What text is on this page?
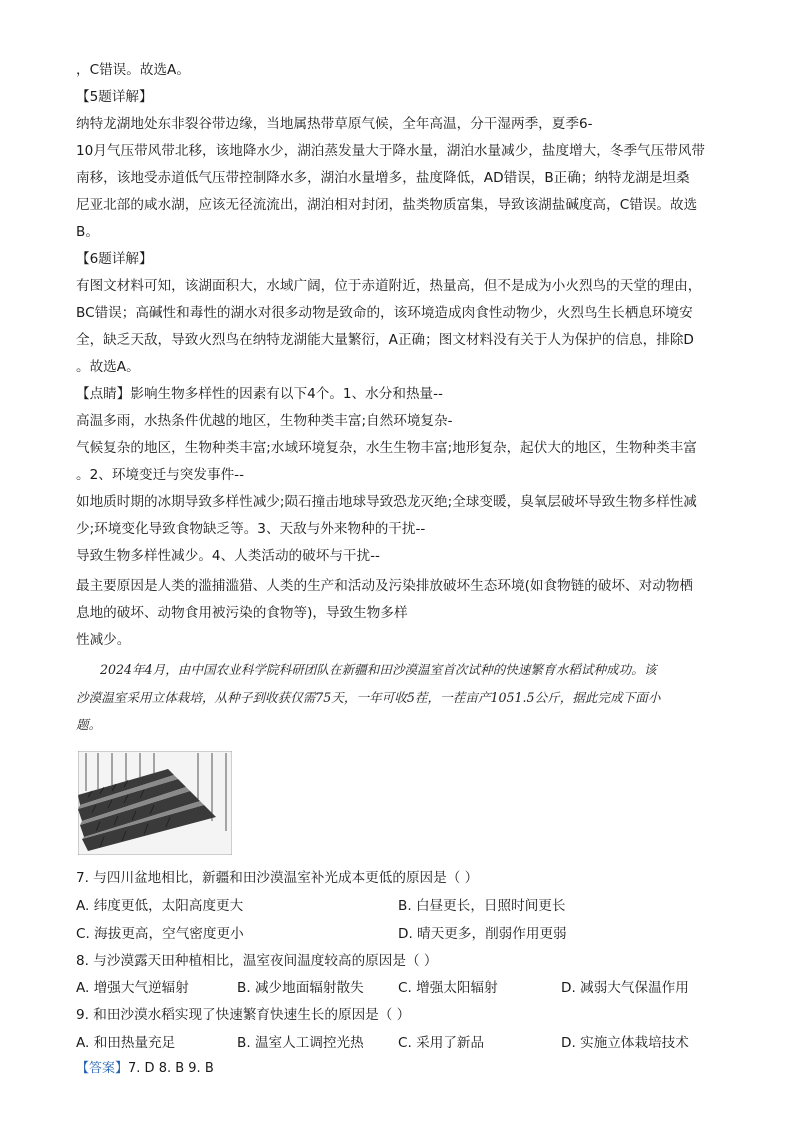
，C错误。故选A。
【5题详解】
纳特龙湖地处东非裂谷带边缘，当地属热带草原气候，全年高温，分干湿两季，夏季6-
10月气压带风带北移，该地降水少，湖泊蒸发量大于降水量，湖泊水量减少，盐度增大，冬季气压带风带
南移，该地受赤道低气压带控制降水多，湖泊水量增多，盐度降低，AD错误，B正确；纳特龙湖是坦桑
尼亚北部的咸水湖，应该无径流流出，湖泊相对封闭，盐类物质富集，导致该湖盐碱度高，C错误。故选
B。
【6题详解】
有图文材料可知，该湖面积大，水域广阔，位于赤道附近，热量高，但不是成为小火烈鸟的天堂的理由，
BC错误；高碱性和毒性的湖水对很多动物是致命的，该环境造成肉食性动物少，火烈鸟生长栖息环境安
全，缺乏天敌，导致火烈鸟在纳特龙湖能大量繁衍，A正确；图文材料没有关于人为保护的信息，排除D
。故选A。
【点睛】影响生物多样性的因素有以下4个。1、水分和热量--
高温多雨，水热条件优越的地区，生物种类丰富;自然环境复杂-
气候复杂的地区，生物种类丰富;水域环境复杂，水生生物丰富;地形复杂，起伏大的地区，生物种类丰富
。2、环境变迁与突发事件--
如地质时期的冰期导致多样性减少;陨石撞击地球导致恐龙灭绝;全球变暖，臭氧层破坏导致生物多样性减
少;环境变化导致食物缺乏等。3、天敌与外来物种的干扰--
导致生物多样性减少。4、人类活动的破坏与干扰--
最主要原因是人类的滥捕滥猎、人类的生产和活动及污染排放破坏生态环境(如食物链的破坏、对动物栖
息地的破坏、动物食用被污染的食物等)，导致生物多样
性减少。
2024年4月，由中国农业科学院科研团队在新疆和田沙漠温室首次试种的快速繁育水稻试种成功。该
沙漠温室采用立体栽培，从种子到收获仅需75天，一年可收5茬，一茬亩产1051.5公斤，据此完成下面小
题。
7. 与四川盆地相比，新疆和田沙漠温室补光成本更低的原因是（ ）
A. 纬度更低，太阳高度更大	B. 白昼更长，日照时间更长
C. 海拔更高，空气密度更小	D. 晴天更多，削弱作用更弱
8. 与沙漠露天田种植相比，温室夜间温度较高的原因是（ ）
A. 增强大气逆辐射	B. 减少地面辐射散失	C. 增强太阳辐射	D. 减弱大气保温作用
9. 和田沙漠水稻实现了快速繁育快速生长的原因是（ ）
A. 和田热量充足	B. 温室人工调控光热	C. 采用了新品	D. 实施立体栽培技术
【答案】7. D 8. B 9. B
